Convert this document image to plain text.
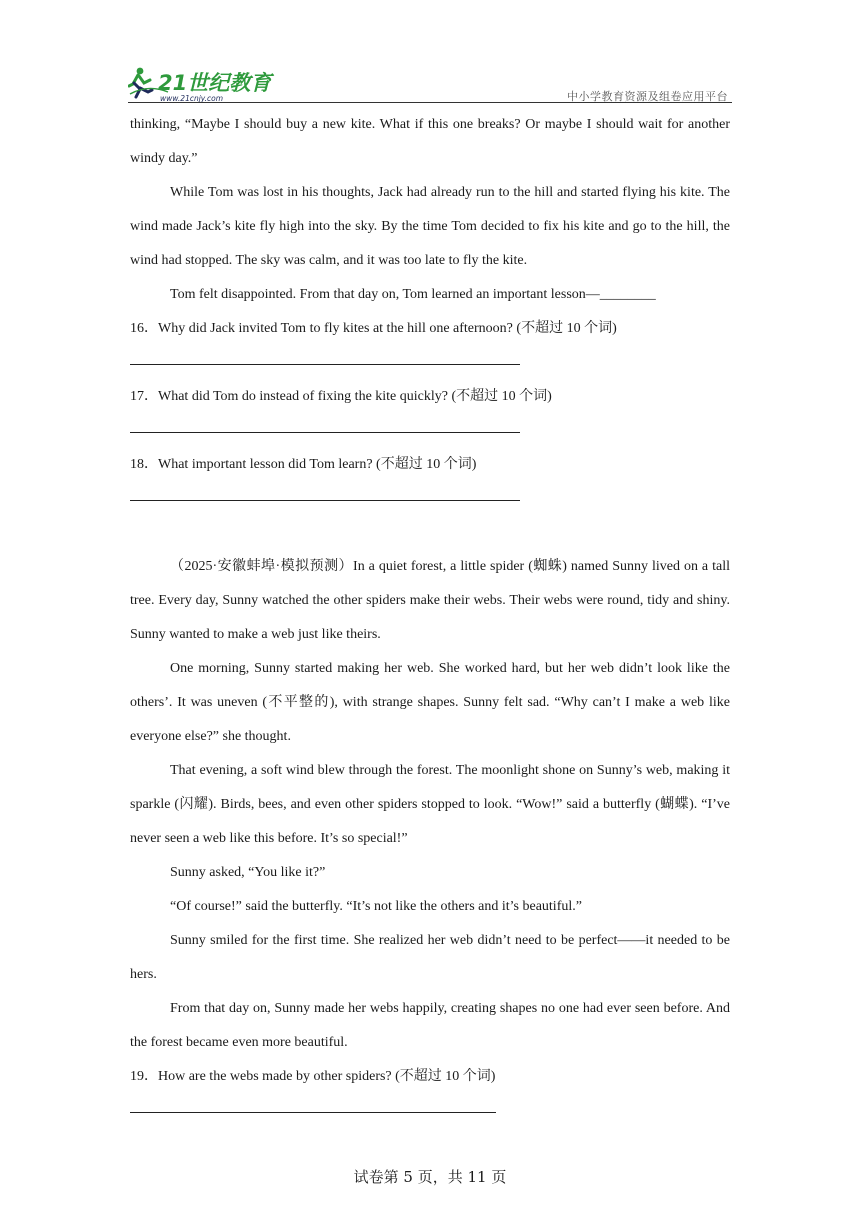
21世纪教育
www.21cnjy.com	中小学教育资源及组卷应用平台

thinking, “Maybe I should buy a new kite. What if this one breaks? Or maybe I should wait for another windy day.”

While Tom was lost in his thoughts, Jack had already run to the hill and started flying his kite. The wind made Jack’s kite fly high into the sky. By the time Tom decided to fix his kite and go to the hill, the wind had stopped. The sky was calm, and it was too late to fly the kite.

Tom felt disappointed. From that day on, Tom learned an important lesson—________

16．Why did Jack invited Tom to fly kites at the hill one afternoon? (不超过 10 个词)

17．What did Tom do instead of fixing the kite quickly? (不超过 10 个词)

18．What important lesson did Tom learn? (不超过 10 个词)

（2025·安徽蚌埠·模拟预测）In a quiet forest, a little spider (蜘蛛) named Sunny lived on a tall tree. Every day, Sunny watched the other spiders make their webs. Their webs were round, tidy and shiny. Sunny wanted to make a web just like theirs.

One morning, Sunny started making her web. She worked hard, but her web didn’t look like the others’. It was uneven (不平整的), with strange shapes. Sunny felt sad. “Why can’t I make a web like everyone else?” she thought.

That evening, a soft wind blew through the forest. The moonlight shone on Sunny’s web, making it sparkle (闪耀). Birds, bees, and even other spiders stopped to look. “Wow!” said a butterfly (蝴蝶). “I’ve never seen a web like this before. It’s so special!”

Sunny asked, “You like it?”

“Of course!” said the butterfly. “It’s not like the others and it’s beautiful.”

Sunny smiled for the first time. She realized her web didn’t need to be perfect——it needed to be hers.

From that day on, Sunny made her webs happily, creating shapes no one had ever seen before. And the forest became even more beautiful.

19．How are the webs made by other spiders? (不超过 10 个词)

试卷第 5 页，共 11 页
